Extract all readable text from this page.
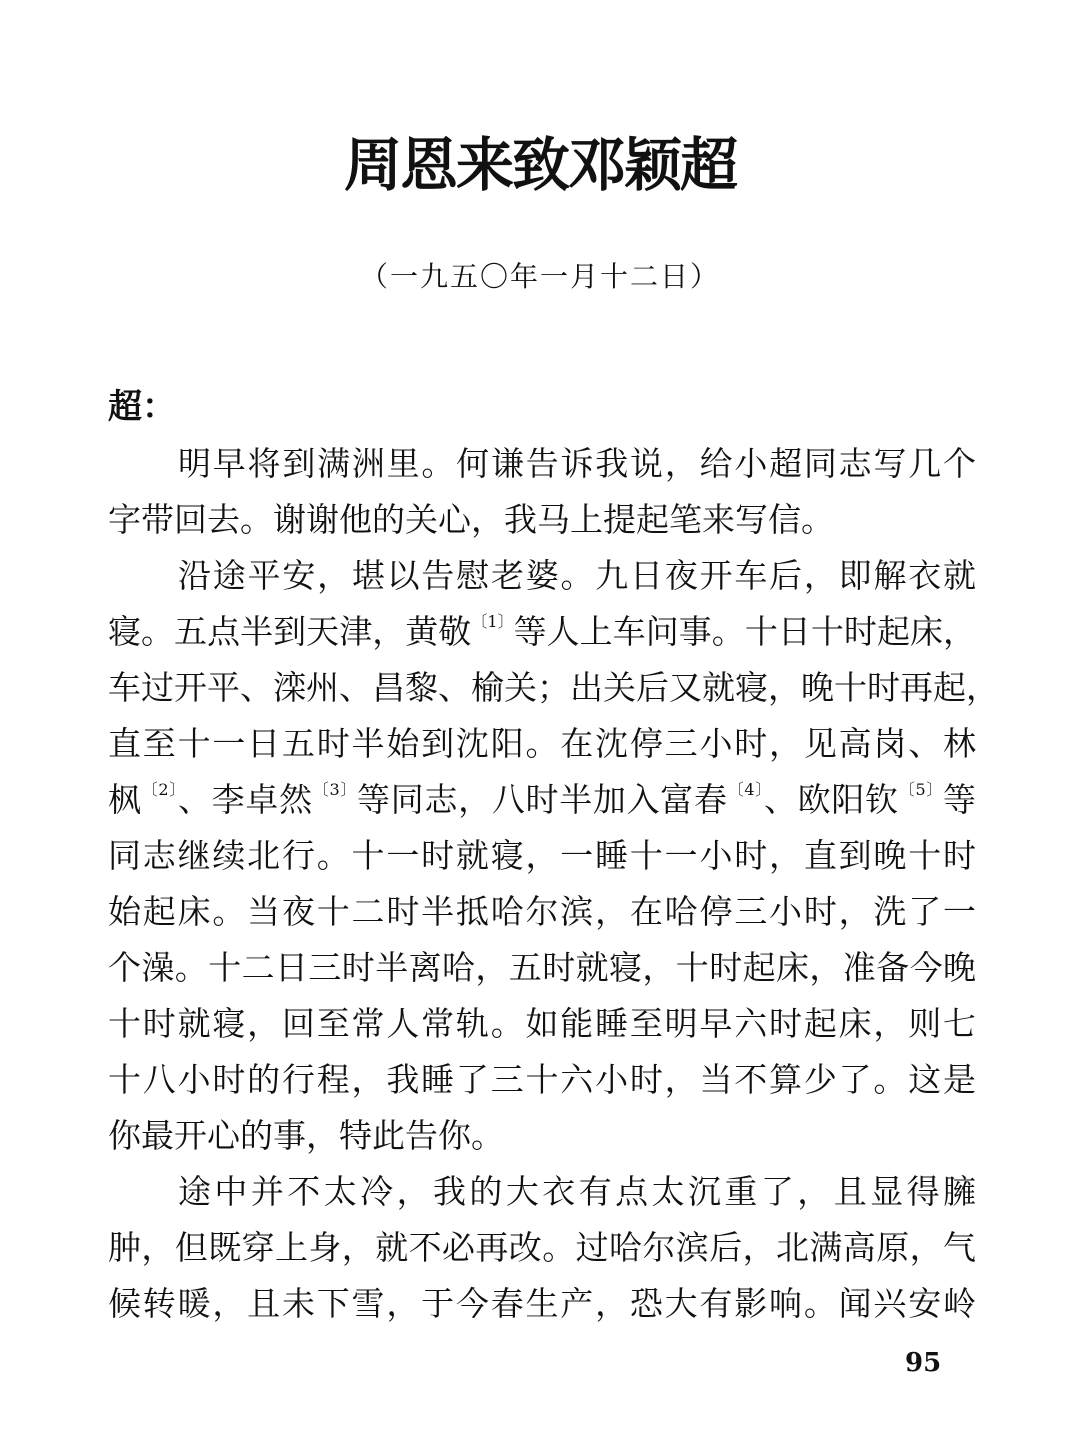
周恩来致邓颖超
（一九五〇年一月十二日）
超：
明早将到满洲里。何谦告诉我说，给小超同志写几个
字带回去。谢谢他的关心，我马上提起笔来写信。
沿途平安，堪以告慰老婆。九日夜开车后，即解衣就
寝。五点半到天津，黄敬$^{〔1〕}$等人上车问事。十日十时起床，
车过开平、滦州、昌黎、榆关；出关后又就寝，晚十时再起，
直至十一日五时半始到沈阳。在沈停三小时，见高岗、林
枫$^{〔2〕}$、李卓然$^{〔3〕}$等同志，八时半加入富春$^{〔4〕}$、欧阳钦$^{〔5〕}$等
同志继续北行。十一时就寝，一睡十一小时，直到晚十时
始起床。当夜十二时半抵哈尔滨，在哈停三小时，洗了一
个澡。十二日三时半离哈，五时就寝，十时起床，准备今晚
十时就寝，回至常人常轨。如能睡至明早六时起床，则七
十八小时的行程，我睡了三十六小时，当不算少了。这是
你最开心的事，特此告你。
途中并不太冷，我的大衣有点太沉重了，且显得臃
肿，但既穿上身，就不必再改。过哈尔滨后，北满高原，气
候转暖，且未下雪，于今春生产，恐大有影响。闻兴安岭
95
